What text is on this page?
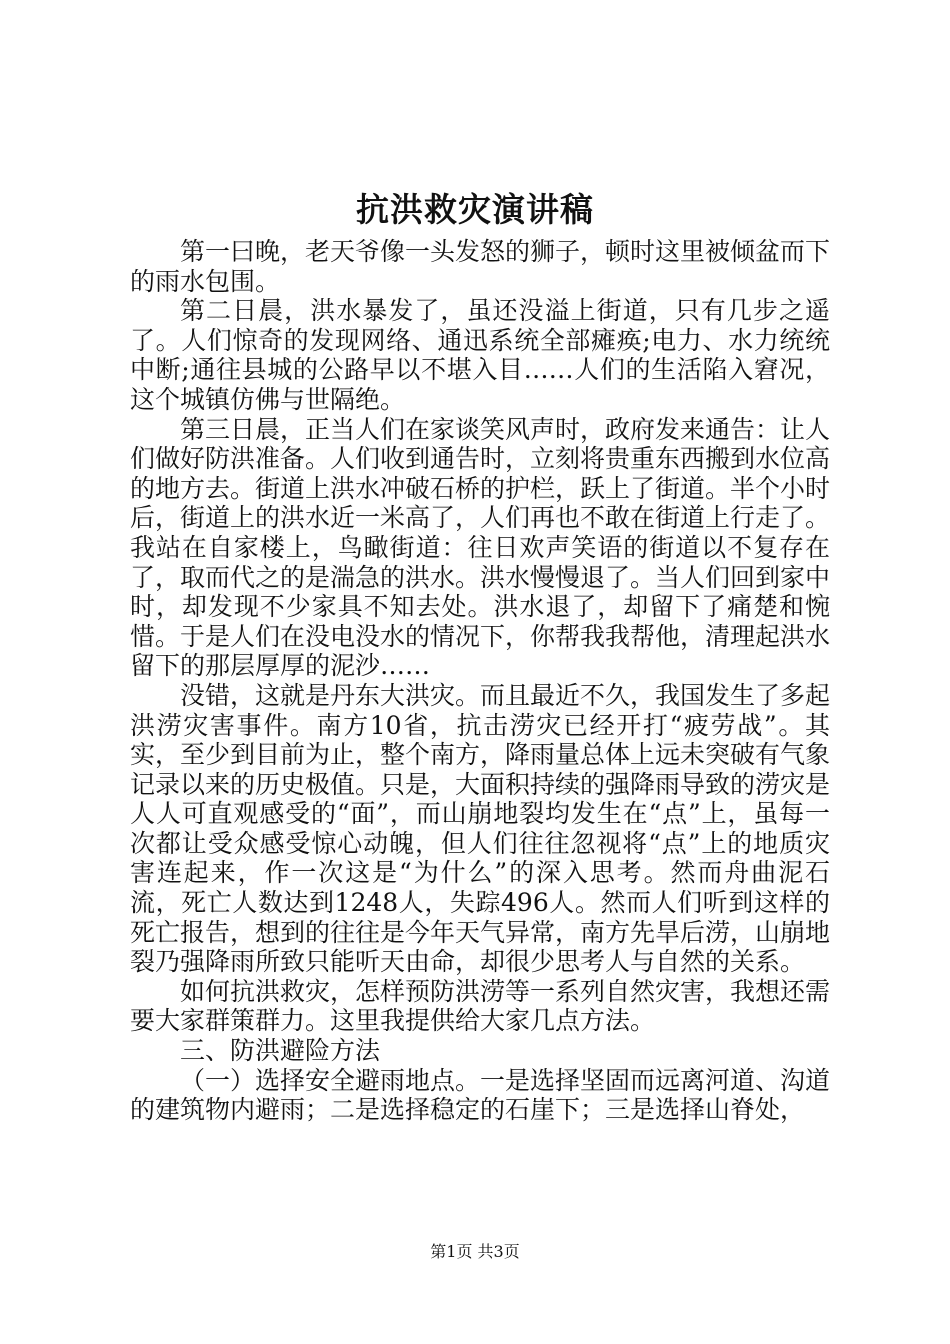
抗洪救灾演讲稿

第一曰晚，老天爷像一头发怒的狮子，顿时这里被倾盆而下的雨水包围。

第二日晨，洪水暴发了，虽还没溢上街道，只有几步之遥了。人们惊奇的发现网络、通迅系统全部瘫痪;电力、水力统统中断;通往县城的公路早以不堪入目……人们的生活陷入窘况，这个城镇仿佛与世隔绝。

第三日晨，正当人们在家谈笑风声时，政府发来通告：让人们做好防洪准备。人们收到通告时，立刻将贵重东西搬到水位高的地方去。街道上洪水冲破石桥的护栏，跃上了街道。半个小时后，街道上的洪水近一米高了，人们再也不敢在街道上行走了。我站在自家楼上，鸟瞰街道：往日欢声笑语的街道以不复存在了，取而代之的是湍急的洪水。洪水慢慢退了。当人们回到家中时，却发现不少家具不知去处。洪水退了，却留下了痛楚和惋惜。于是人们在没电没水的情况下，你帮我我帮他，清理起洪水留下的那层厚厚的泥沙……

没错，这就是丹东大洪灾。而且最近不久，我国发生了多起洪涝灾害事件。南方10省，抗击涝灾已经开打“疲劳战”。其实，至少到目前为止，整个南方，降雨量总体上远未突破有气象记录以来的历史极值。只是，大面积持续的强降雨导致的涝灾是人人可直观感受的“面”，而山崩地裂均发生在“点”上，虽每一次都让受众感受惊心动魄，但人们往往忽视将“点”上的地质灾害连起来，作一次这是“为什么”的深入思考。然而舟曲泥石流，死亡人数达到1248人，失踪496人。然而人们听到这样的死亡报告，想到的往往是今年天气异常，南方先旱后涝，山崩地裂乃强降雨所致只能听天由命，却很少思考人与自然的关系。

如何抗洪救灾，怎样预防洪涝等一系列自然灾害，我想还需要大家群策群力。这里我提供给大家几点方法。

三、防洪避险方法

（一）选择安全避雨地点。一是选择坚固而远离河道、沟道的建筑物内避雨；二是选择稳定的石崖下；三是选择山脊处，

第1页 共3页
